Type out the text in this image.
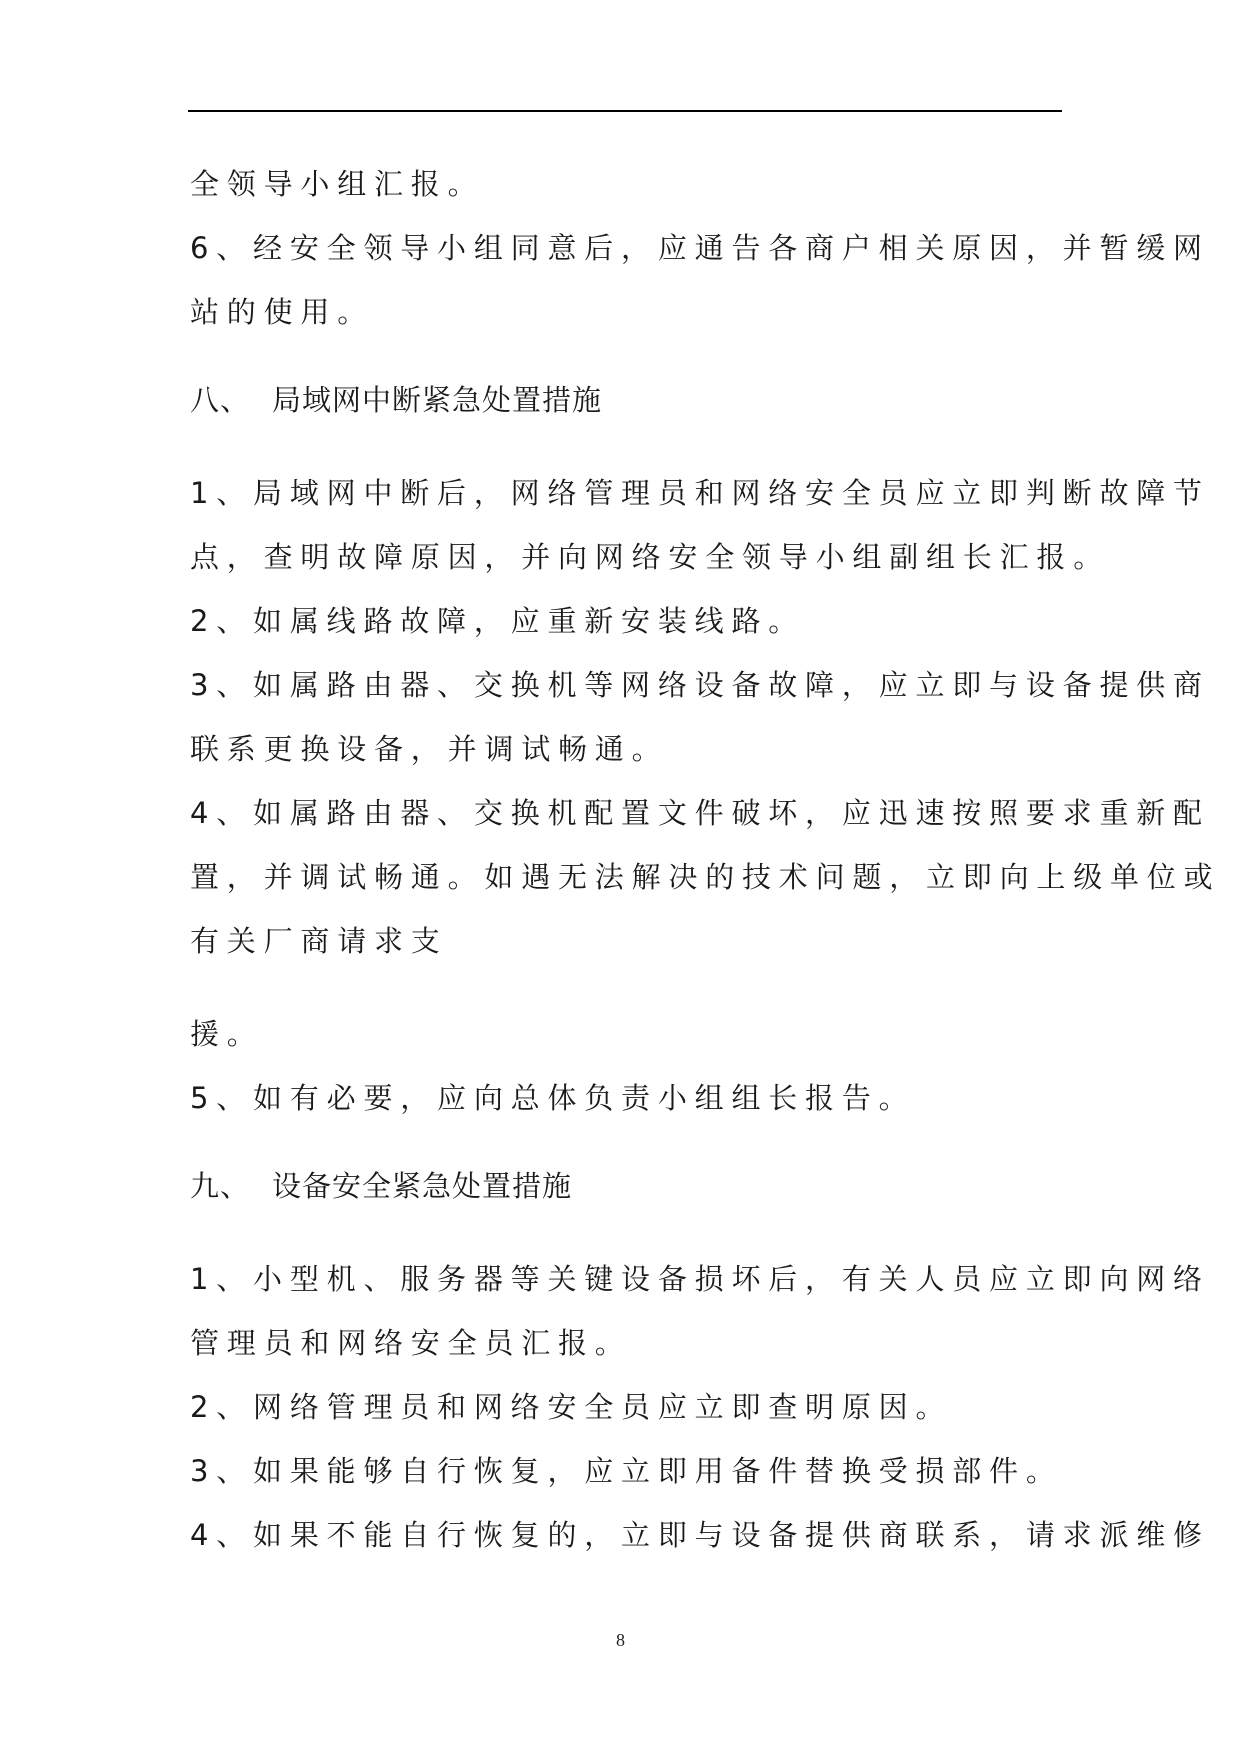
全领导小组汇报。
6、经安全领导小组同意后，应通告各商户相关原因，并暂缓网
站的使用。
八、 局域网中断紧急处置措施
1、局域网中断后，网络管理员和网络安全员应立即判断故障节
点，查明故障原因，并向网络安全领导小组副组长汇报。
2、如属线路故障，应重新安装线路。
3、如属路由器、交换机等网络设备故障，应立即与设备提供商
联系更换设备，并调试畅通。
4、如属路由器、交换机配置文件破坏，应迅速按照要求重新配
置，并调试畅通。如遇无法解决的技术问题，立即向上级单位或
有关厂商请求支
援。
5、如有必要，应向总体负责小组组长报告。
九、 设备安全紧急处置措施
1、小型机、服务器等关键设备损坏后，有关人员应立即向网络
管理员和网络安全员汇报。
2、网络管理员和网络安全员应立即查明原因。
3、如果能够自行恢复，应立即用备件替换受损部件。
4、如果不能自行恢复的，立即与设备提供商联系，请求派维修
8
